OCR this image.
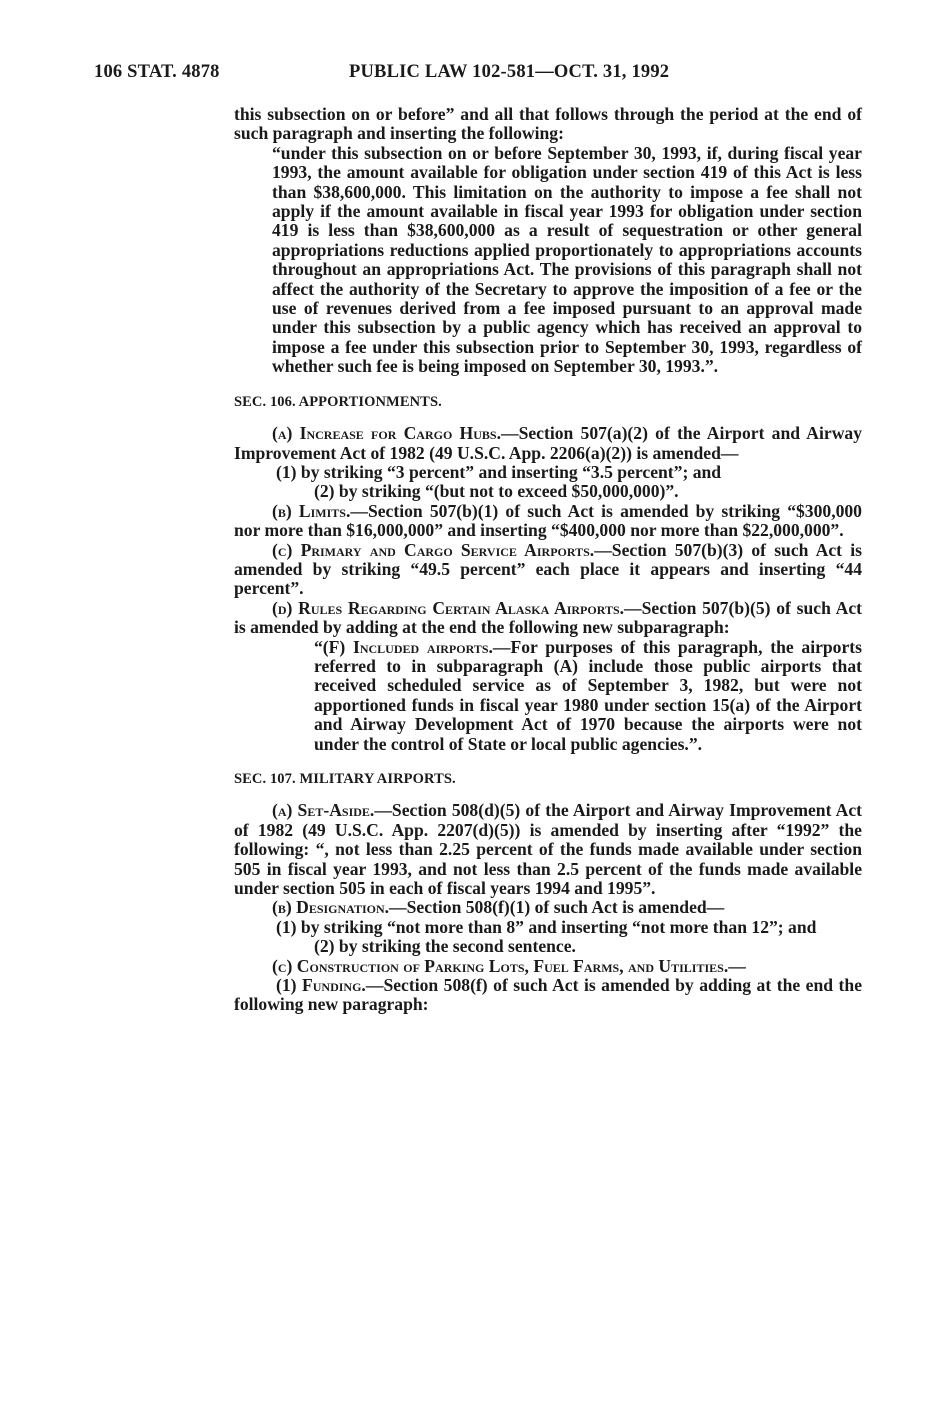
106 STAT. 4878	PUBLIC LAW 102-581—OCT. 31, 1992

this subsection on or before” and all that follows through the period at the end of such paragraph and inserting the following:

“under this subsection on or before September 30, 1993, if, during fiscal year 1993, the amount available for obligation under section 419 of this Act is less than $38,600,000. This limitation on the authority to impose a fee shall not apply if the amount available in fiscal year 1993 for obligation under section 419 is less than $38,600,000 as a result of sequestration or other general appropriations reductions applied proportionately to appropriations accounts throughout an appropriations Act. The provisions of this paragraph shall not affect the authority of the Secretary to approve the imposition of a fee or the use of revenues derived from a fee imposed pursuant to an approval made under this subsection by a public agency which has received an approval to impose a fee under this subsection prior to September 30, 1993, regardless of whether such fee is being imposed on September 30, 1993.”.

SEC. 106. APPORTIONMENTS.

(a) Increase for Cargo Hubs.—Section 507(a)(2) of the Airport and Airway Improvement Act of 1982 (49 U.S.C. App. 2206(a)(2)) is amended—

(1) by striking “3 percent” and inserting “3.5 percent”; and

(2) by striking “(but not to exceed $50,000,000)”.

(b) Limits.—Section 507(b)(1) of such Act is amended by striking “$300,000 nor more than $16,000,000” and inserting “$400,000 nor more than $22,000,000”.

(c) Primary and Cargo Service Airports.—Section 507(b)(3) of such Act is amended by striking “49.5 percent” each place it appears and inserting “44 percent”.

(d) Rules Regarding Certain Alaska Airports.—Section 507(b)(5) of such Act is amended by adding at the end the following new subparagraph:

“(F) Included airports.—For purposes of this paragraph, the airports referred to in subparagraph (A) include those public airports that received scheduled service as of September 3, 1982, but were not apportioned funds in fiscal year 1980 under section 15(a) of the Airport and Airway Development Act of 1970 because the airports were not under the control of State or local public agencies.”.

SEC. 107. MILITARY AIRPORTS.

(a) Set-Aside.—Section 508(d)(5) of the Airport and Airway Improvement Act of 1982 (49 U.S.C. App. 2207(d)(5)) is amended by inserting after “1992” the following: “, not less than 2.25 percent of the funds made available under section 505 in fiscal year 1993, and not less than 2.5 percent of the funds made available under section 505 in each of fiscal years 1994 and 1995”.

(b) Designation.—Section 508(f)(1) of such Act is amended—

(1) by striking “not more than 8” and inserting “not more than 12”; and

(2) by striking the second sentence.

(c) Construction of Parking Lots, Fuel Farms, and Utilities.—

(1) Funding.—Section 508(f) of such Act is amended by adding at the end the following new paragraph:
